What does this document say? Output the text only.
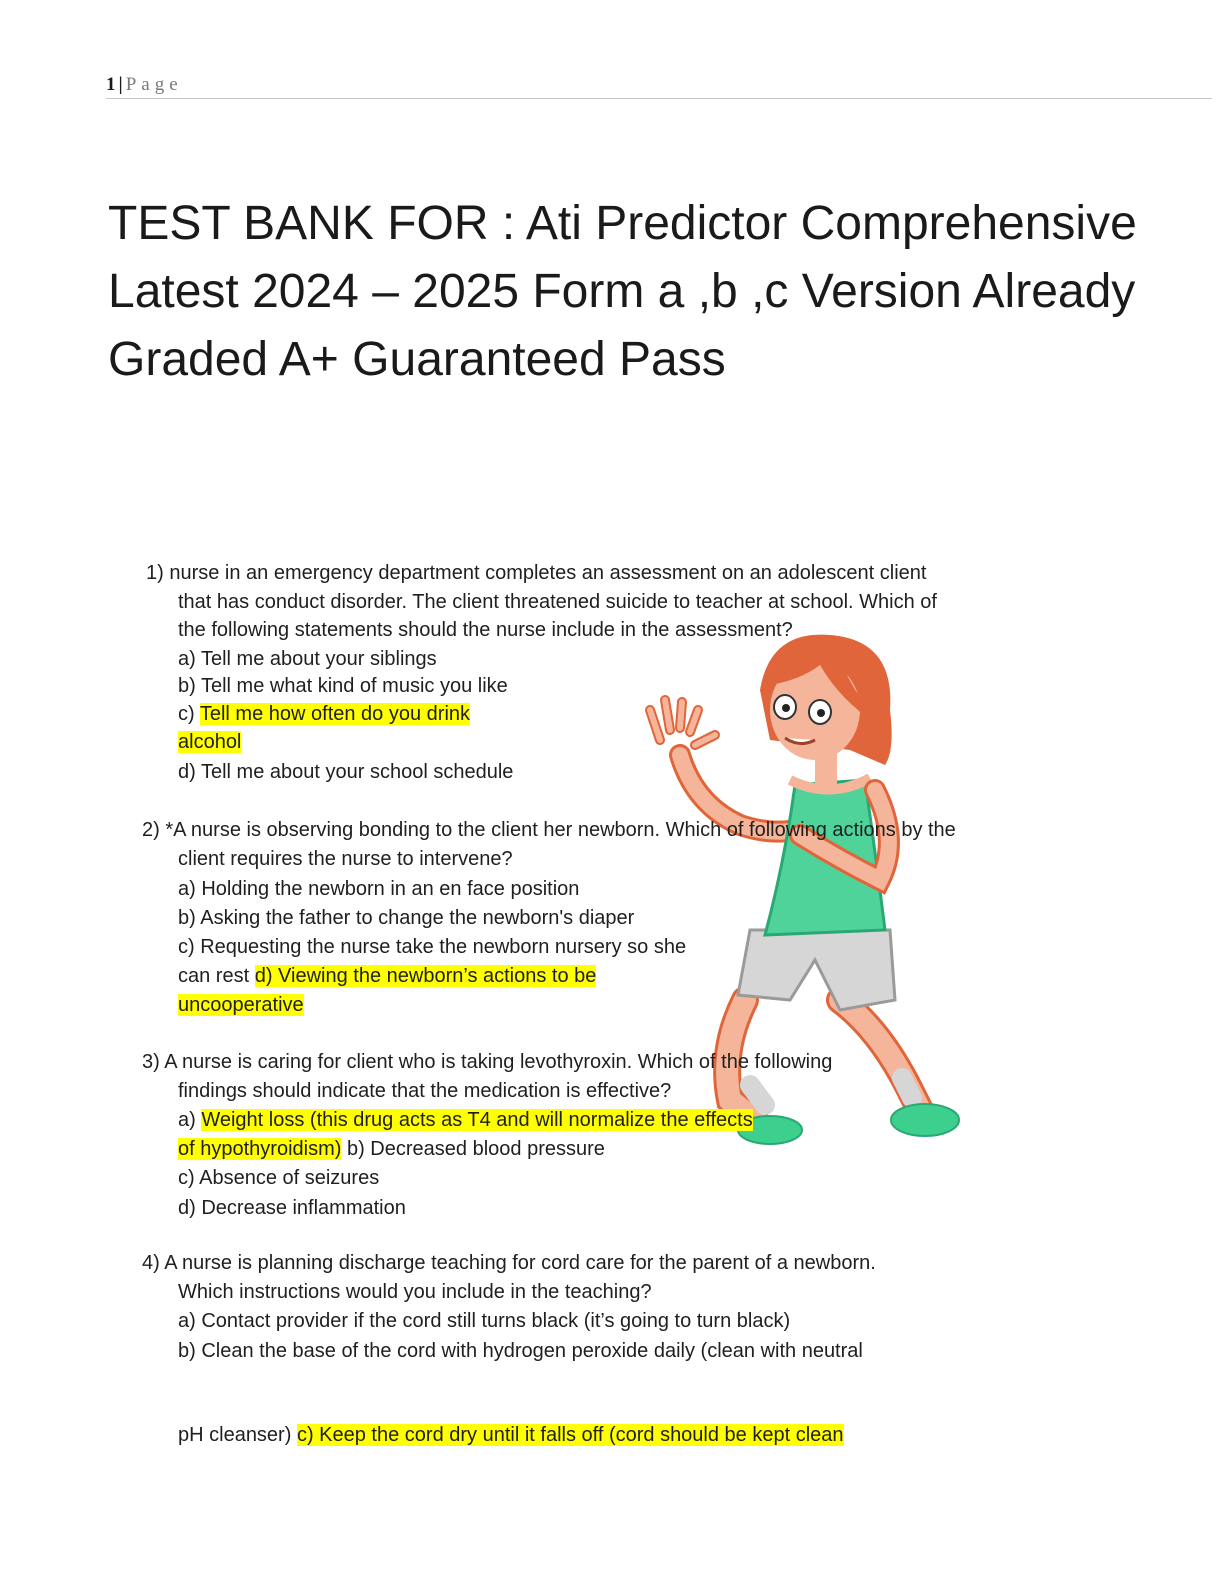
1 | Page
TEST BANK FOR : Ati Predictor Comprehensive
Latest 2024 – 2025 Form a ,b ,c Version Already
Graded A+ Guaranteed Pass
1) nurse in an emergency department completes an assessment on an adolescent client
that has conduct disorder. The client threatened suicide to teacher at school. Which of
the following statements should the nurse include in the assessment?
a) Tell me about your siblings
b) Tell me what kind of music you like
c) Tell me how often do you drink
alcohol
d) Tell me about your school schedule
2) *A nurse is observing bonding to the client her newborn. Which of following actions by the
client requires the nurse to intervene?
a) Holding the newborn in an en face position
b) Asking the father to change the newborn's diaper
c) Requesting the nurse take the newborn nursery so she
can rest d) Viewing the newborn’s actions to be
uncooperative
3) A nurse is caring for client who is taking levothyroxin. Which of the following
findings should indicate that the medication is effective?
a) Weight loss (this drug acts as T4 and will normalize the effects
of hypothyroidism) b) Decreased blood pressure
c) Absence of seizures
d) Decrease inflammation
4) A nurse is planning discharge teaching for cord care for the parent of a newborn.
Which instructions would you include in the teaching?
a) Contact provider if the cord still turns black (it’s going to turn black)
b) Clean the base of the cord with hydrogen peroxide daily (clean with neutral
pH cleanser) c) Keep the cord dry until it falls off (cord should be kept clean
